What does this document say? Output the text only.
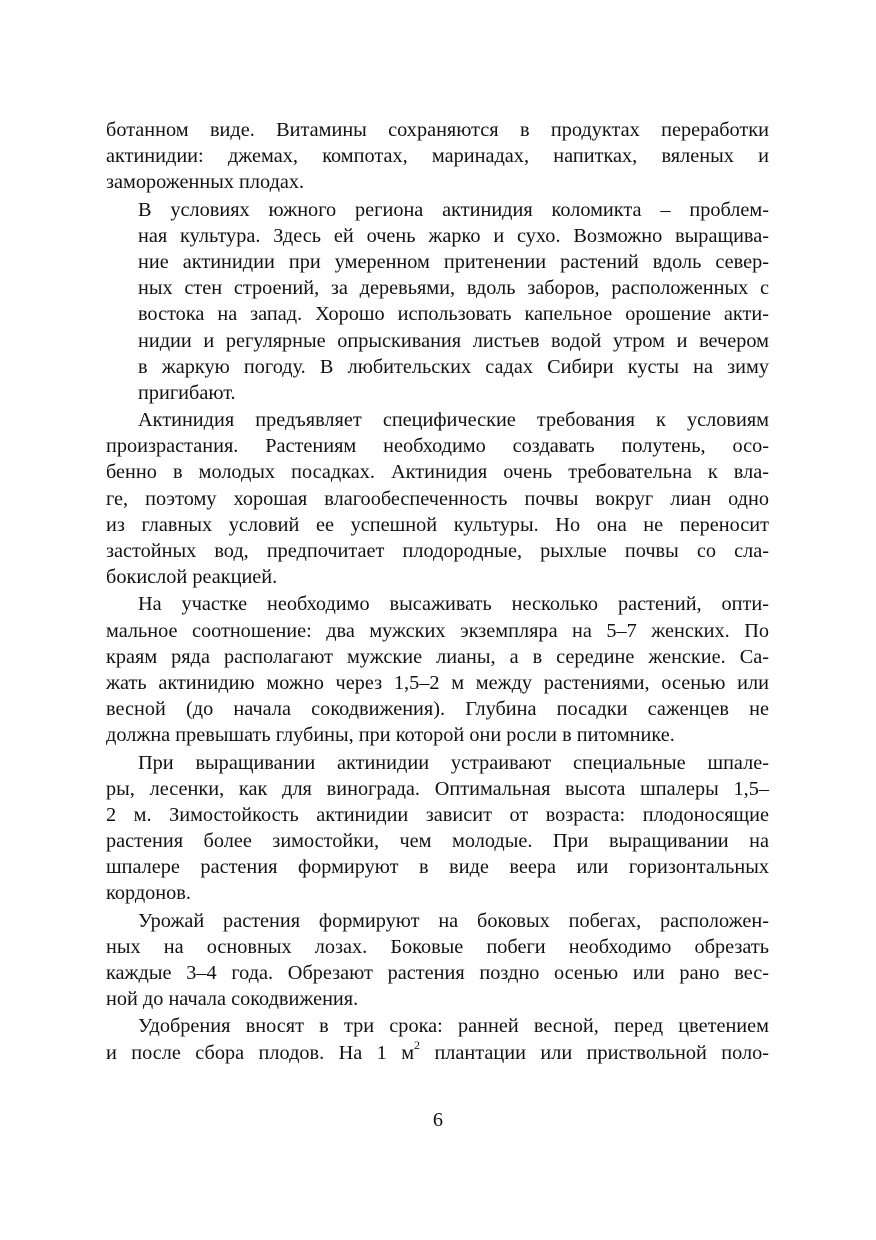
ботанном виде. Витамины сохраняются в продуктах переработки
актинидии: джемах, компотах, маринадах, напитках, вяленых и
замороженных плодах.
В условиях южного региона актинидия коломикта – проблем-
ная культура. Здесь ей очень жарко и сухо. Возможно выращива-
ние актинидии при умеренном притенении растений вдоль север-
ных стен строений, за деревьями, вдоль заборов, расположенных с
востока на запад. Хорошо использовать капельное орошение акти-
нидии и регулярные опрыскивания листьев водой утром и вечером
в жаркую погоду. В любительских садах Сибири кусты на зиму
пригибают.
Актинидия предъявляет специфические требования к условиям
произрастания. Растениям необходимо создавать полутень, осо-
бенно в молодых посадках. Актинидия очень требовательна к вла-
ге, поэтому хорошая влагообеспеченность почвы вокруг лиан одно
из главных условий ее успешной культуры. Но она не переносит
застойных вод, предпочитает плодородные, рыхлые почвы со сла-
бокислой реакцией.
На участке необходимо высаживать несколько растений, опти-
мальное соотношение: два мужских экземпляра на 5–7 женских. По
краям ряда располагают мужские лианы, а в середине женские. Са-
жать актинидию можно через 1,5–2 м между растениями, осенью или
весной (до начала сокодвижения). Глубина посадки саженцев не
должна превышать глубины, при которой они росли в питомнике.
При выращивании актинидии устраивают специальные шпале-
ры, лесенки, как для винограда. Оптимальная высота шпалеры 1,5–
2 м. Зимостойкость актинидии зависит от возраста: плодоносящие
растения более зимостойки, чем молодые. При выращивании на
шпалере растения формируют в виде веера или горизонтальных
кордонов.
Урожай растения формируют на боковых побегах, расположен-
ных на основных лозах. Боковые побеги необходимо обрезать
каждые 3–4 года. Обрезают растения поздно осенью или рано вес-
ной до начала сокодвижения.
Удобрения вносят в три срока: ранней весной, перед цветением
и после сбора плодов. На 1 $м^2$ плантации или приствольной поло-
6
